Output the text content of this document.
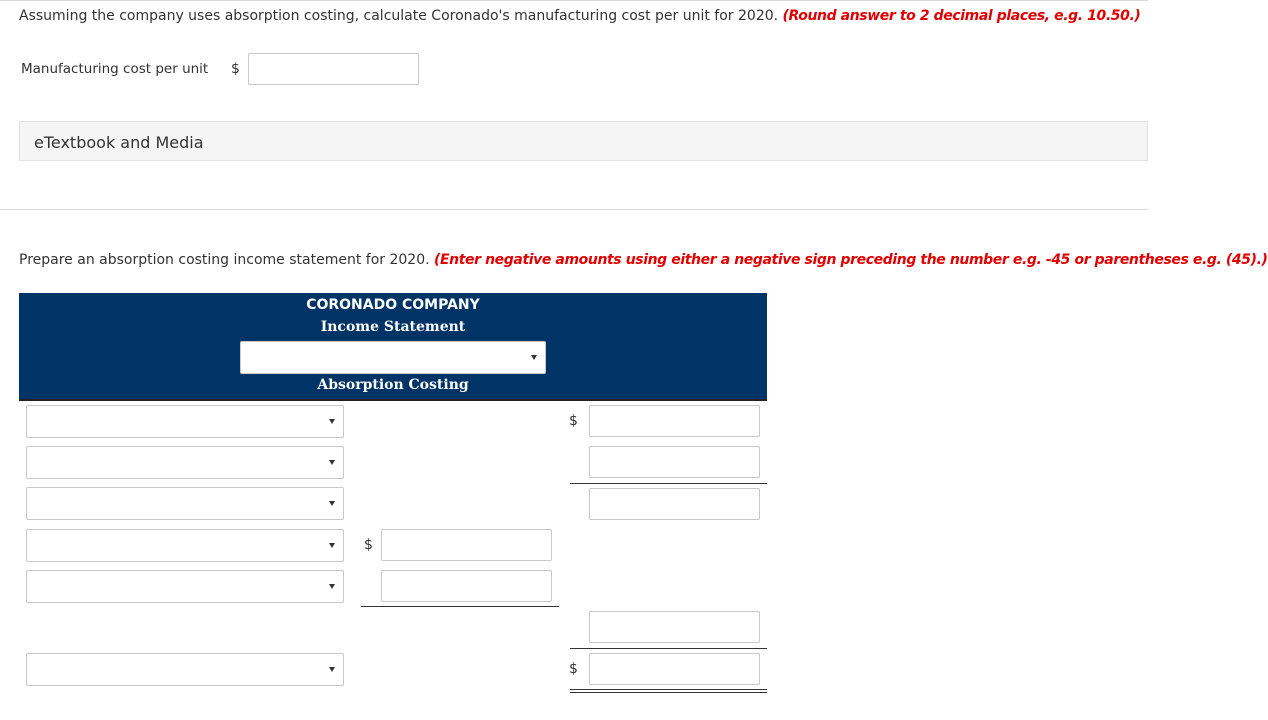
Assuming the company uses absorption costing, calculate Coronado's manufacturing cost per unit for 2020. (Round answer to 2 decimal places, e.g. 10.50.)
Manufacturing cost per unit $
eTextbook and Media
Prepare an absorption costing income statement for 2020. (Enter negative amounts using either a negative sign preceding the number e.g. -45 or parentheses e.g. (45).)
CORONADO COMPANY
Income Statement
Absorption Costing
$
$
$
